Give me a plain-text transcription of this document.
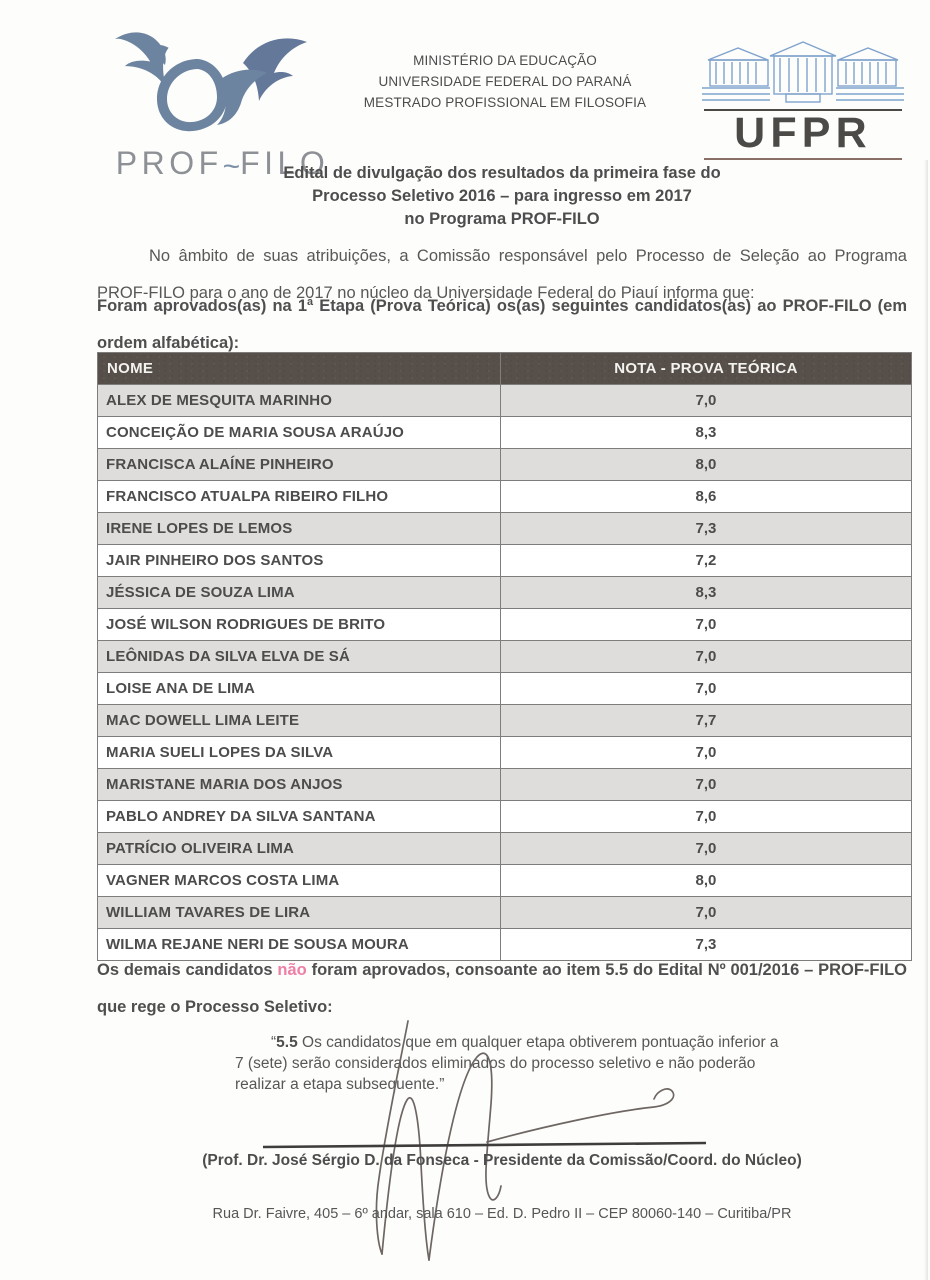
PROF~FILO
MINISTÉRIO DA EDUCAÇÃO
UNIVERSIDADE FEDERAL DO PARANÁ
MESTRADO PROFISSIONAL EM FILOSOFIA
UFPR
Edital de divulgação dos resultados da primeira fase do
Processo Seletivo 2016 – para ingresso em 2017
no Programa PROF-FILO
No âmbito de suas atribuições, a Comissão responsável pelo Processo de Seleção ao Programa PROF-FILO para o ano de 2017 no núcleo da Universidade Federal do Piauí informa que:
Foram aprovados(as) na 1ª Etapa (Prova Teórica) os(as) seguintes candidatos(as) ao PROF-FILO (em ordem alfabética):
NOME	NOTA - PROVA TEÓRICA
ALEX DE MESQUITA MARINHO	7,0
CONCEIÇÃO DE MARIA SOUSA ARAÚJO	8,3
FRANCISCA ALAÍNE PINHEIRO	8,0
FRANCISCO ATUALPA RIBEIRO FILHO	8,6
IRENE LOPES DE LEMOS	7,3
JAIR PINHEIRO DOS SANTOS	7,2
JÉSSICA DE SOUZA LIMA	8,3
JOSÉ WILSON RODRIGUES DE BRITO	7,0
LEÔNIDAS DA SILVA ELVA DE SÁ	7,0
LOISE ANA DE LIMA	7,0
MAC DOWELL LIMA LEITE	7,7
MARIA SUELI LOPES DA SILVA	7,0
MARISTANE MARIA DOS ANJOS	7,0
PABLO ANDREY DA SILVA SANTANA	7,0
PATRÍCIO OLIVEIRA LIMA	7,0
VAGNER MARCOS COSTA LIMA	8,0
WILLIAM TAVARES DE LIRA	7,0
WILMA REJANE NERI DE SOUSA MOURA	7,3
Os demais candidatos não foram aprovados, consoante ao item 5.5 do Edital Nº 001/2016 – PROF-FILO que rege o Processo Seletivo:
“5.5 Os candidatos que em qualquer etapa obtiverem pontuação inferior a 7 (sete) serão considerados eliminados do processo seletivo e não poderão realizar a etapa subsequente.”
(Prof. Dr. José Sérgio D. da Fonseca - Presidente da Comissão/Coord. do Núcleo)
Rua Dr. Faivre, 405 – 6º andar, sala 610 – Ed. D. Pedro II – CEP 80060-140 – Curitiba/PR
